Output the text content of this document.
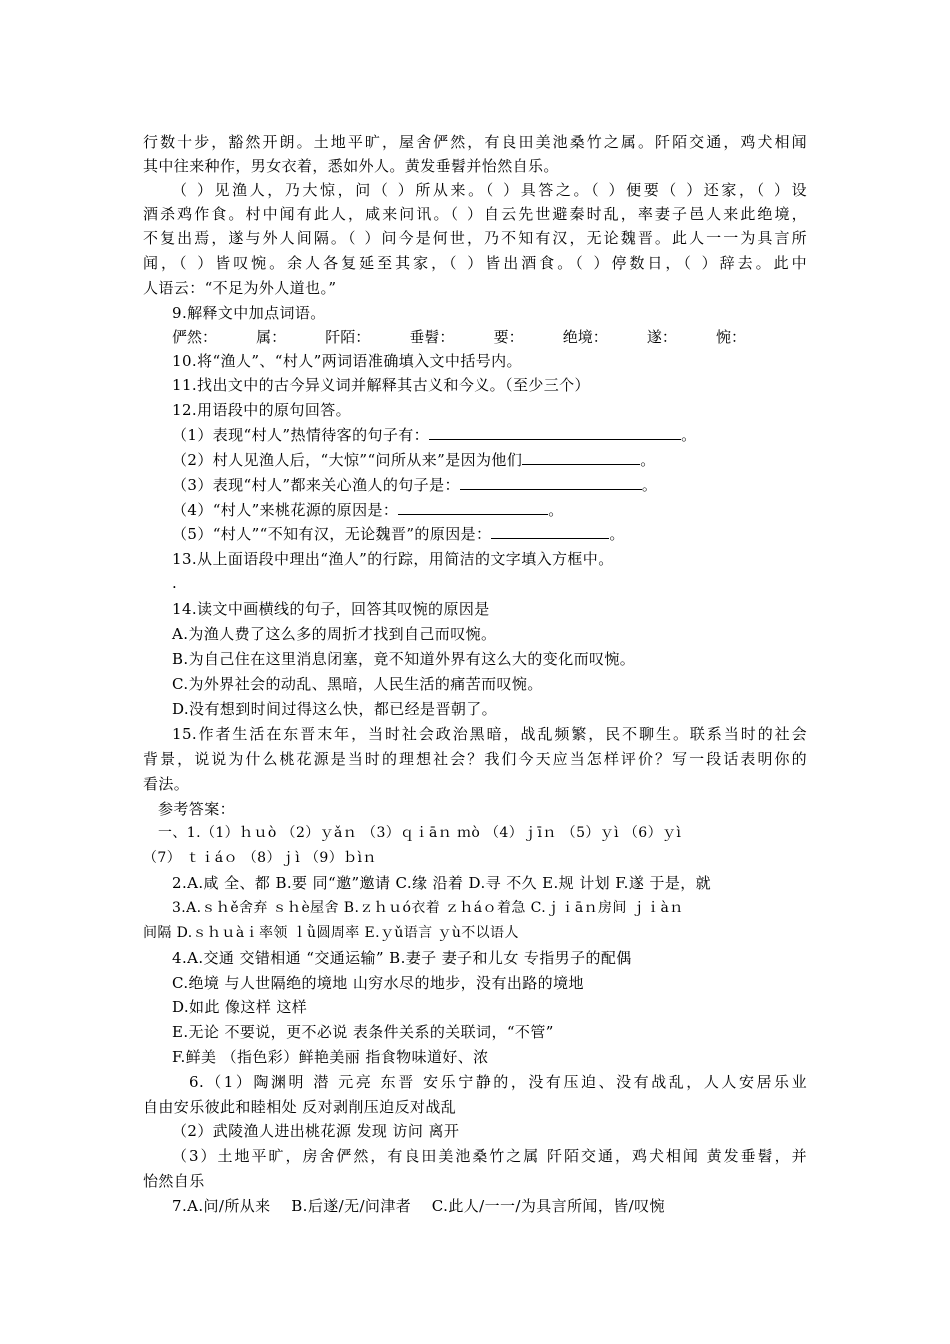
行数十步，豁然开朗。土地平旷，屋舍俨然，有良田美池桑竹之属。阡陌交通，鸡犬相闻
其中往来种作，男女衣着，悉如外人。黄发垂髫并怡然自乐。
（ ）见渔人，乃大惊，问（ ）所从来。（ ）具答之。（ ）便要（ ）还家，（ ）设
酒杀鸡作食。村中闻有此人，咸来问讯。（ ）自云先世避秦时乱，率妻子邑人来此绝境，
不复出焉，遂与外人间隔。（ ）问今是何世，乃不知有汉，无论魏晋。此人一一为具言所
闻，（ ）皆叹惋。余人各复延至其家，（ ）皆出酒食。（ ）停数日，（ ）辞去。此中
人语云：“不足为外人道也。”
9.解释文中加点词语。
俨然：	属：	阡陌：	垂髫：	要：	绝境：	遂：	惋：
10.将“渔人”、“村人”两词语准确填入文中括号内。
11.找出文中的古今异义词并解释其古义和今义。（至少三个）
12.用语段中的原句回答。
（1）表现“村人”热情待客的句子有：	。
（2）村人见渔人后，“大惊”“问所从来”是因为他们	。
（3）表现“村人”都来关心渔人的句子是：	。
（4）“村人”来桃花源的原因是：	。
（5）“村人”“不知有汉，无论魏晋”的原因是：	。
13.从上面语段中理出“渔人”的行踪，用简洁的文字填入方框中。
.
14.读文中画横线的句子，回答其叹惋的原因是
A.为渔人费了这么多的周折才找到自己而叹惋。
B.为自己住在这里消息闭塞，竟不知道外界有这么大的变化而叹惋。
C.为外界社会的动乱、黑暗，人民生活的痛苦而叹惋。
D.没有想到时间过得这么快，都已经是晋朝了。
15.作者生活在东晋末年，当时社会政治黑暗，战乱频繁，民不聊生。联系当时的社会
背景，说说为什么桃花源是当时的理想社会？我们今天应当怎样评价？写一段话表明你的
看法。
参考答案：
一、1.（1）ｈｕò （2）ｙǎｎ （3）ｑｉāｎ ｍò （4）ｊīｎ （5）ｙì （6）ｙì
（7） ｔｉáｏ （8）ｊì （9）ｂìｎ
2.A.咸 全、都 B.要 同“邀”邀请 C.缘 沿着 D.寻 不久 E.规 计划 F.遂 于是，就
3.A.ｓｈě舍弃 ｓｈè屋舍 B.ｚｈｕó衣着 ｚｈáｏ着急 C.ｊｉāｎ房间 ｊｉàｎ
间隔 D.ｓｈｕàｉ率领 ｌǜ圆周率 E.ｙǔ语言 ｙù不以语人
4.A.交通 交错相通 “交通运输” B.妻子 妻子和儿女 专指男子的配偶
C.绝境 与人世隔绝的境地 山穷水尽的地步，没有出路的境地
D.如此 像这样 这样
E.无论 不要说，更不必说 表条件关系的关联词，“不管”
F.鲜美 （指色彩）鲜艳美丽 指食物味道好、浓
6.（1）陶渊明 潜 元亮 东晋 安乐宁静的，没有压迫、没有战乱，人人安居乐业
自由安乐彼此和睦相处 反对剥削压迫反对战乱
（2）武陵渔人进出桃花源 发现 访问 离开
（3）土地平旷，房舍俨然，有良田美池桑竹之属 阡陌交通，鸡犬相闻 黄发垂髫，并
怡然自乐
7.A.问/所从来    B.后遂/无/问津者    C.此人/一一/为具言所闻，皆/叹惋
